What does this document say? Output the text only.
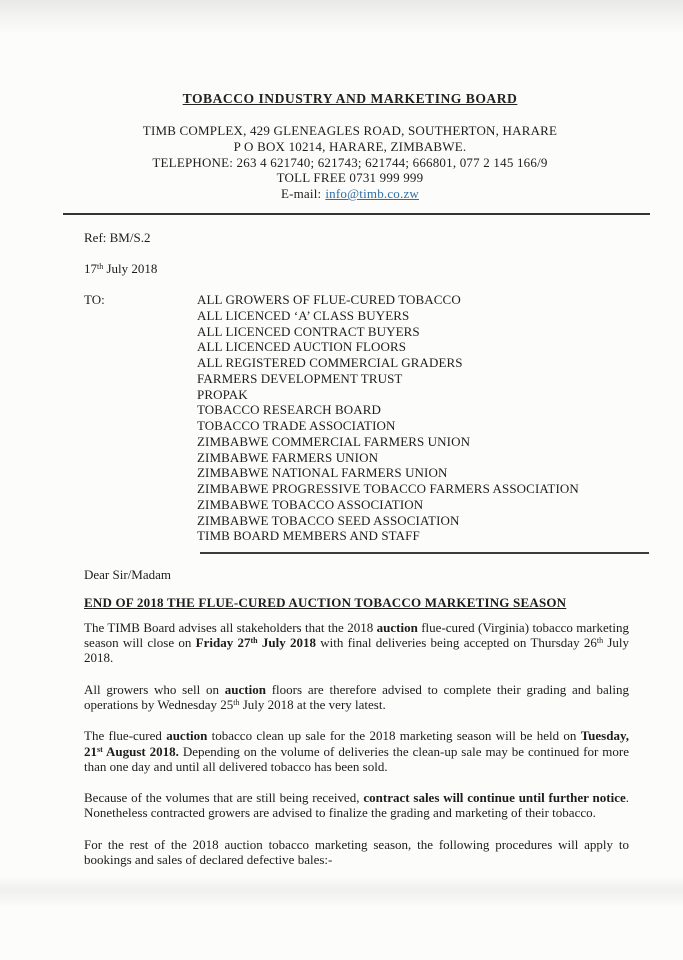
TOBACCO INDUSTRY AND MARKETING BOARD
TIMB COMPLEX, 429 GLENEAGLES ROAD, SOUTHERTON, HARARE
P O BOX 10214, HARARE, ZIMBABWE.
TELEPHONE: 263 4 621740; 621743; 621744; 666801, 077 2 145 166/9
TOLL FREE 0731 999 999
E-mail: info@timb.co.zw
Ref: BM/S.2
17th July 2018
TO:	ALL GROWERS OF FLUE-CURED TOBACCO
ALL LICENCED ‘A’ CLASS BUYERS
ALL LICENCED CONTRACT BUYERS
ALL LICENCED AUCTION FLOORS
ALL REGISTERED COMMERCIAL GRADERS
FARMERS DEVELOPMENT TRUST
PROPAK
TOBACCO RESEARCH BOARD
TOBACCO TRADE ASSOCIATION
ZIMBABWE COMMERCIAL FARMERS UNION
ZIMBABWE FARMERS UNION
ZIMBABWE NATIONAL FARMERS UNION
ZIMBABWE PROGRESSIVE TOBACCO FARMERS ASSOCIATION
ZIMBABWE TOBACCO ASSOCIATION
ZIMBABWE TOBACCO SEED ASSOCIATION
TIMB BOARD MEMBERS AND STAFF
Dear Sir/Madam
END OF 2018 THE FLUE-CURED AUCTION TOBACCO MARKETING SEASON

The TIMB Board advises all stakeholders that the 2018 auction flue-cured (Virginia) tobacco marketing season will close on Friday 27th July 2018 with final deliveries being accepted on Thursday 26th July 2018.

All growers who sell on auction floors are therefore advised to complete their grading and baling operations by Wednesday 25th July 2018 at the very latest.

The flue-cured auction tobacco clean up sale for the 2018 marketing season will be held on Tuesday, 21st August 2018. Depending on the volume of deliveries the clean-up sale may be continued for more than one day and until all delivered tobacco has been sold.

Because of the volumes that are still being received, contract sales will continue until further notice. Nonetheless contracted growers are advised to finalize the grading and marketing of their tobacco.

For the rest of the 2018 auction tobacco marketing season, the following procedures will apply to bookings and sales of declared defective bales:-
